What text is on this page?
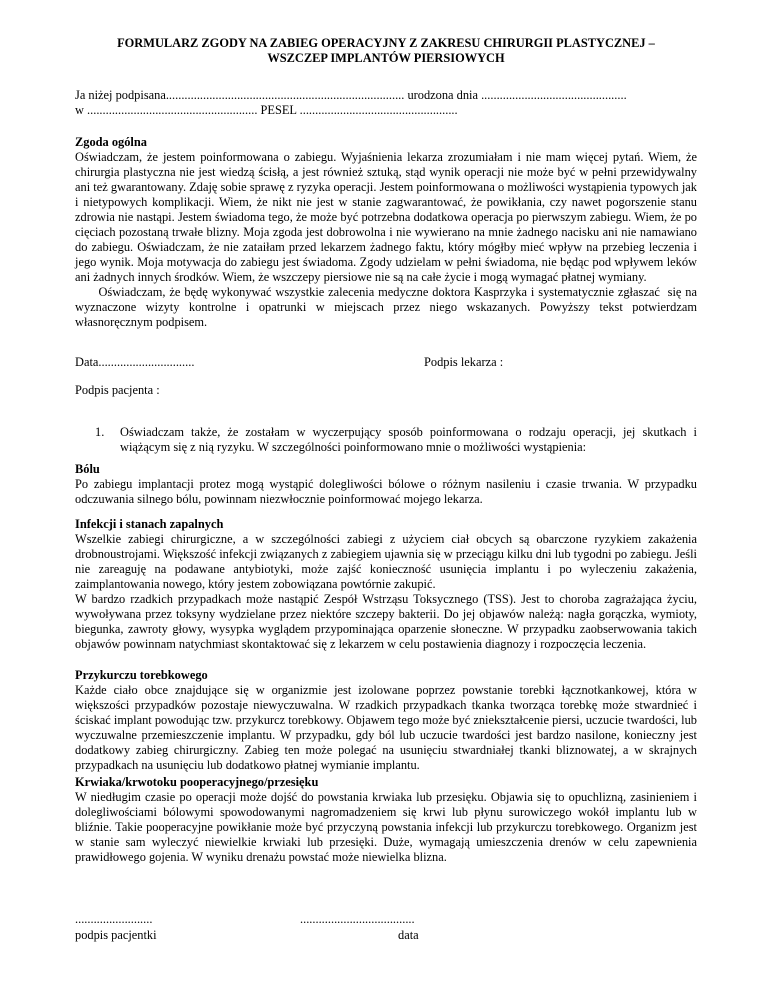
FORMULARZ ZGODY NA ZABIEG OPERACYJNY Z ZAKRESU CHIRURGII PLASTYCZNEJ –

WSZCZEP IMPLANTÓW PIERSIOWYCH

Ja niżej podpisana............................................................................. urodzona dnia ...............................................

w ....................................................... PESEL ...................................................

Zgoda ogólna

Oświadczam, że jestem poinformowana o zabiegu. Wyjaśnienia lekarza zrozumiałam i nie mam więcej pytań. Wiem, że chirurgia plastyczna nie jest wiedzą ścisłą, a jest również sztuką, stąd wynik operacji nie może być w pełni przewidywalny ani też gwarantowany. Zdaję sobie sprawę z ryzyka operacji. Jestem poinformowana o możliwości wystąpienia typowych jak i nietypowych komplikacji. Wiem, że nikt nie jest w stanie zagwarantować, że powikłania, czy nawet pogorszenie stanu zdrowia nie nastąpi. Jestem świadoma tego, że może być potrzebna dodatkowa operacja po pierwszym zabiegu. Wiem, że po cięciach pozostaną trwałe blizny. Moja zgoda jest dobrowolna i nie wywierano na mnie żadnego nacisku ani nie namawiano do zabiegu. Oświadczam, że nie zataiłam przed lekarzem żadnego faktu, który mógłby mieć wpływ na przebieg leczenia i jego wynik. Moja motywacja do zabiegu jest świadoma. Zgody udzielam w pełni świadoma, nie będąc pod wpływem leków ani żadnych innych środków. Wiem, że wszczepy piersiowe nie są na całe życie i mogą wymagać płatnej wymiany.

Oświadczam, że będę wykonywać wszystkie zalecenia medyczne doktora Kasprzyka i systematycznie zgłaszać  się na wyznaczone wizyty kontrolne i opatrunki w miejscach przez niego wskazanych. Powyższy tekst potwierdzam własnoręcznym podpisem.

Data...............................	Podpis lekarza :
Podpis pacjenta :
1. Oświadczam także, że zostałam w wyczerpujący sposób poinformowana o rodzaju operacji, jej skutkach i wiążącym się z nią ryzyku. W szczególności poinformowano mnie o możliwości wystąpienia:

Bólu

Po zabiegu implantacji protez mogą wystąpić dolegliwości bólowe o różnym nasileniu i czasie trwania. W przypadku odczuwania silnego bólu, powinnam niezwłocznie poinformować mojego lekarza.

Infekcji i stanach zapalnych

Wszelkie zabiegi chirurgiczne, a w szczególności zabiegi z użyciem ciał obcych są obarczone ryzykiem zakażenia drobnoustrojami. Większość infekcji związanych z zabiegiem ujawnia się w przeciągu kilku dni lub tygodni po zabiegu. Jeśli nie zareaguję na podawane antybiotyki, może zajść konieczność usunięcia implantu i po wyleczeniu zakażenia, zaimplantowania nowego, który jestem zobowiązana powtórnie zakupić.

W bardzo rzadkich przypadkach może nastąpić Zespół Wstrząsu Toksycznego (TSS). Jest to choroba zagrażająca życiu, wywoływana przez toksyny wydzielane przez niektóre szczepy bakterii. Do jej objawów należą: nagła gorączka, wymioty, biegunka, zawroty głowy, wysypka wyglądem przypominająca oparzenie słoneczne. W przypadku zaobserwowania takich objawów powinnam natychmiast skontaktować się z lekarzem w celu postawienia diagnozy i rozpoczęcia leczenia.

Przykurczu torebkowego

Każde ciało obce znajdujące się w organizmie jest izolowane poprzez powstanie torebki łącznotkankowej, która w większości przypadków pozostaje niewyczuwalna. W rzadkich przypadkach tkanka tworząca torebkę może stwardnieć i ściskać implant powodując tzw. przykurcz torebkowy. Objawem tego może być zniekształcenie piersi, uczucie twardości, lub wyczuwalne przemieszczenie implantu. W przypadku, gdy ból lub uczucie twardości jest bardzo nasilone, konieczny jest dodatkowy zabieg chirurgiczny. Zabieg ten może polegać na usunięciu stwardniałej tkanki bliznowatej, a w skrajnych przypadkach na usunięciu lub dodatkowo płatnej wymianie implantu.

Krwiaka/krwotoku pooperacyjnego/przesięku

W niedługim czasie po operacji może dojść do powstania krwiaka lub przesięku. Objawia się to opuchlizną, zasinieniem i dolegliwościami bólowymi spowodowanymi nagromadzeniem się krwi lub płynu surowiczego wokół implantu lub w bliźnie. Takie pooperacyjne powikłanie może być przyczyną powstania infekcji lub przykurczu torebkowego. Organizm jest w stanie sam wyleczyć niewielkie krwiaki lub przesięki. Duże, wymagają umieszczenia drenów w celu zapewnienia prawidłowego gojenia. W wyniku drenażu powstać może niewielka blizna.

.........................
podpis pacjentki
.....................................
data
